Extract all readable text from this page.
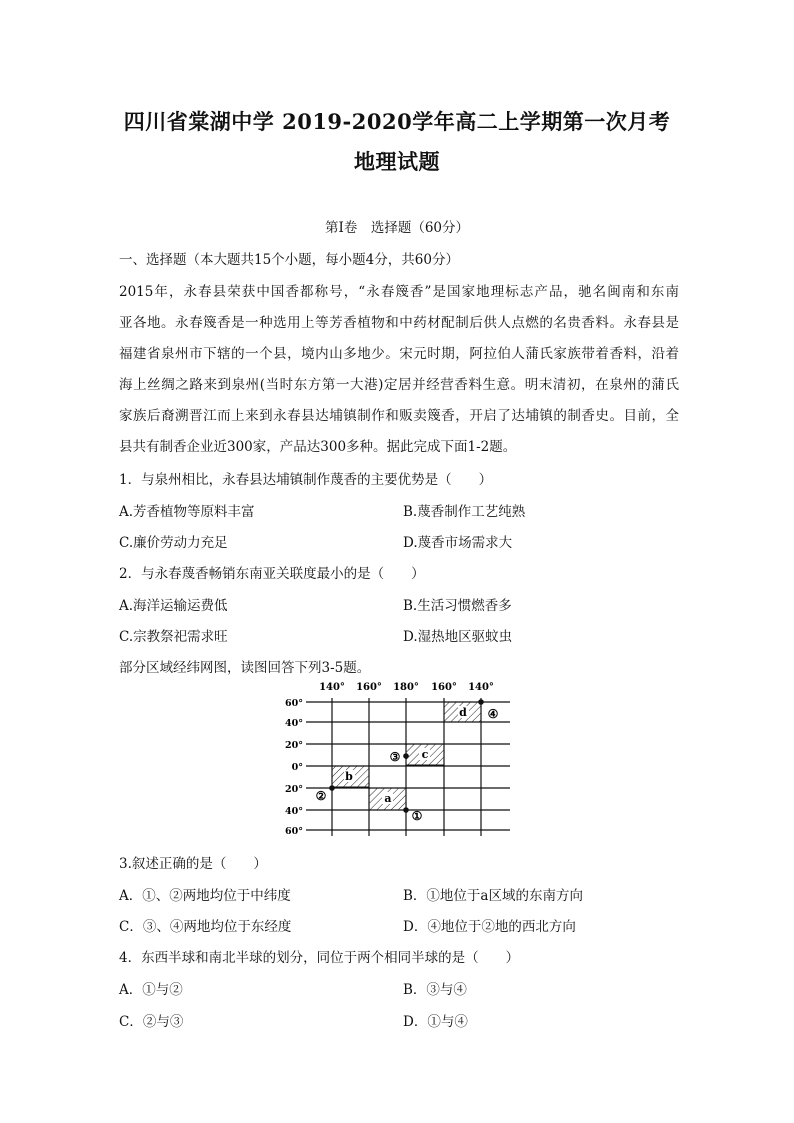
四川省棠湖中学 2019-2020学年高二上学期第一次月考
地理试题
第I卷　选择题（60分）
一、选择题（本大题共15个小题，每小题4分，共60分）
2015年，永春县荣获中国香都称号，“永春篾香”是国家地理标志产品，驰名闽南和东南
亚各地。永春篾香是一种选用上等芳香植物和中药材配制后供人点燃的名贵香料。永春县是
福建省泉州市下辖的一个县，境内山多地少。宋元时期，阿拉伯人蒲氏家族带着香料，沿着
海上丝绸之路来到泉州(当时东方第一大港)定居并经营香料生意。明末清初，在泉州的蒲氏
家族后裔溯晋江而上来到永春县达埔镇制作和贩卖篾香，开启了达埔镇的制香史。目前，全
县共有制香企业近300家，产品达300多种。据此完成下面1-2题。
1．与泉州相比，永春县达埔镇制作蔑香的主要优势是（　　）
A.芳香植物等原料丰富	B.蔑香制作工艺纯熟
C.廉价劳动力充足	D.蔑香市场需求大
2．与永春蔑香畅销东南亚关联度最小的是（　　）
A.海洋运输运费低	B.生活习惯燃香多
C.宗教祭祀需求旺	D.湿热地区驱蚊虫
部分区域经纬网图，读图回答下列3-5题。
140° 160° 180° 160° 140°
60°
40°
20°
0°
20°
40°
60°
d
c
b
a
④
③
②
①
3.叙述正确的是（　　）
A．①、②两地均位于中纬度	B．①地位于a区域的东南方向
C．③、④两地均位于东经度	D．④地位于②地的西北方向
4．东西半球和南北半球的划分，同位于两个相同半球的是（　　）
A．①与②	B．③与④
C．②与③	D．①与④
